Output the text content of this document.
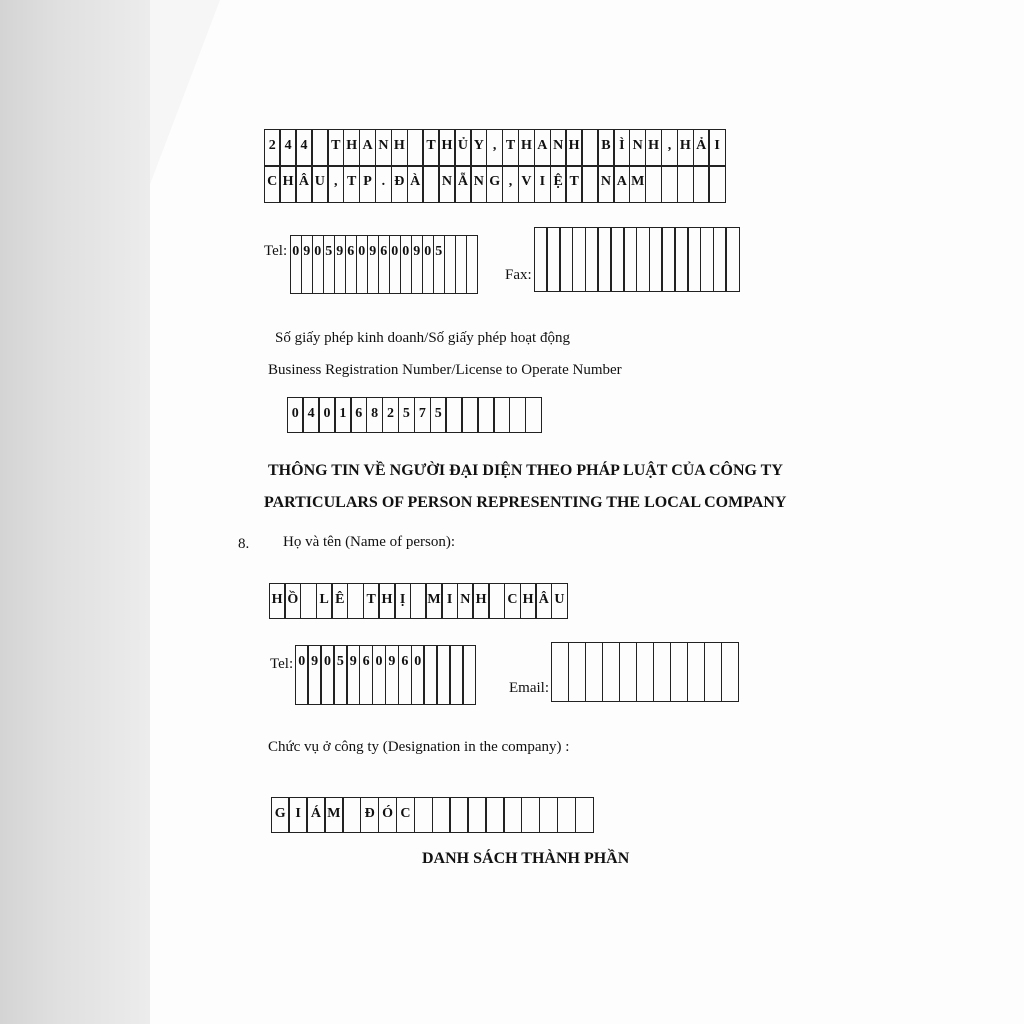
2 4 4	T H A N H T H Ủ Y , T H A N H B Ì N H , H Ả I
C H Â U , T P . Đ À N Ẵ N G , V I Ệ T N A M
Tel: 0 9 0 5 9 6 0 9 6 0 0 9 0 5
Fax:
Số giấy phép kinh doanh/Số giấy phép hoạt động
Business Registration Number/License to Operate Number
0 4 0 1 6 8 2 5 7 5
THÔNG TIN VỀ NGƯỜI ĐẠI DIỆN THEO PHÁP LUẬT CỦA CÔNG TY
PARTICULARS OF PERSON REPRESENTING THE LOCAL COMPANY
8. Họ và tên (Name of person):
H Ồ L Ê T H Ị	M I N H C H Â U
Tel: 0 9 0 5 9 6 0 9 6 0
Email:
Chức vụ ở công ty (Designation in the company) :
G I Á M	Đ Ó C
DANH SÁCH THÀNH PHẦN
